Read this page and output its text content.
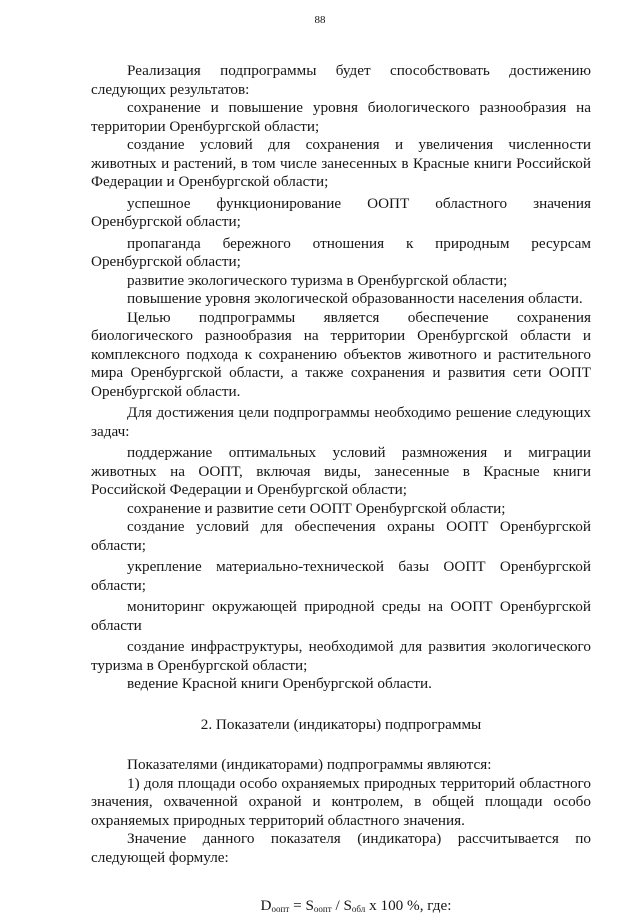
88

Реализация подпрограммы будет способствовать достижению следующих результатов:

сохранение и повышение уровня биологического разнообразия на территории Оренбургской области;

создание условий для сохранения и увеличения численности животных и растений, в том числе занесенных в Красные книги Российской Федерации и Оренбургской области;

успешное функционирование ООПТ областного значения Оренбургской области;

пропаганда бережного отношения к природным ресурсам Оренбургской области;

развитие экологического туризма в Оренбургской области;

повышение уровня экологической образованности населения области.

Целью подпрограммы является обеспечение сохранения биологического разнообразия на территории Оренбургской области и комплексного подхода к сохранению объектов животного и растительного мира Оренбургской области, а также сохранения и развития сети ООПТ Оренбургской области.

Для достижения цели подпрограммы необходимо решение следующих задач:

поддержание оптимальных условий размножения и миграции животных на ООПТ, включая виды, занесенные в Красные книги Российской Федерации и Оренбургской области;

сохранение и развитие сети ООПТ Оренбургской области;

создание условий для обеспечения охраны ООПТ Оренбургской области;

укрепление материально-технической базы ООПТ Оренбургской области;

мониторинг окружающей природной среды на ООПТ Оренбургской области

создание инфраструктуры, необходимой для развития экологического туризма в Оренбургской области;

ведение Красной книги Оренбургской области.

2. Показатели (индикаторы) подпрограммы

Показателями (индикаторами) подпрограммы являются:

1) доля площади особо охраняемых природных территорий областного значения, охваченной охраной и контролем, в общей площади особо охраняемых природных территорий областного значения.

Значение данного показателя (индикатора) рассчитывается по следующей формуле:

$D_{оопт} = S_{оопт} / S_{обл}$ х 100 %, где:
